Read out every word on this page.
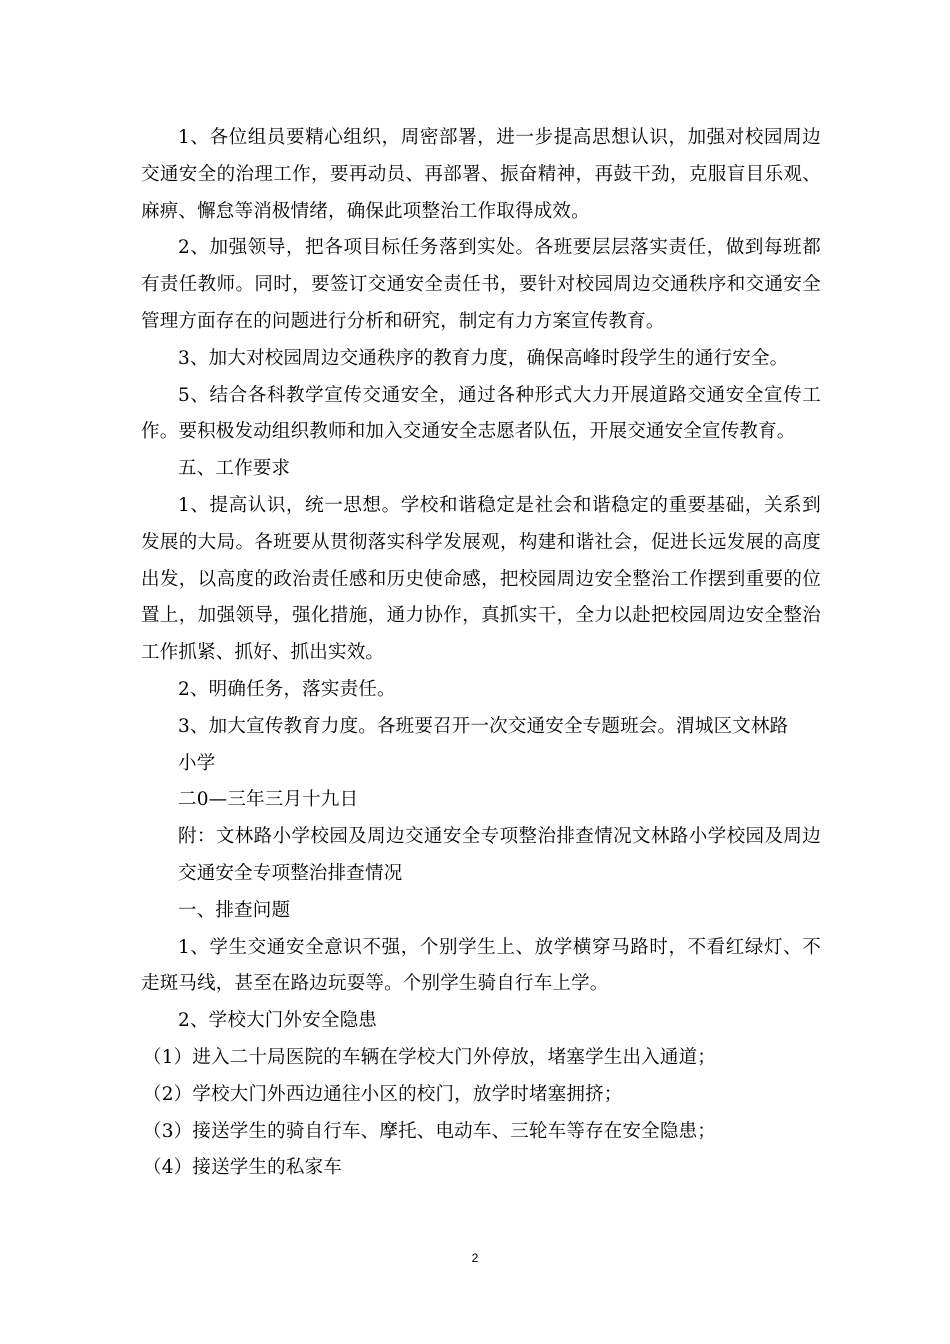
1、各位组员要精心组织，周密部署，进一步提高思想认识，加强对校园周边交通安全的治理工作，要再动员、再部署、振奋精神，再鼓干劲，克服盲目乐观、麻痹、懈怠等消极情绪，确保此项整治工作取得成效。

2、加强领导，把各项目标任务落到实处。各班要层层落实责任，做到每班都有责任教师。同时，要签订交通安全责任书，要针对校园周边交通秩序和交通安全管理方面存在的问题进行分析和研究，制定有力方案宣传教育。

3、加大对校园周边交通秩序的教育力度，确保高峰时段学生的通行安全。

5、结合各科教学宣传交通安全，通过各种形式大力开展道路交通安全宣传工作。要积极发动组织教师和加入交通安全志愿者队伍，开展交通安全宣传教育。

五、工作要求

1、提高认识，统一思想。学校和谐稳定是社会和谐稳定的重要基础，关系到发展的大局。各班要从贯彻落实科学发展观，构建和谐社会，促进长远发展的高度出发，以高度的政治责任感和历史使命感，把校园周边安全整治工作摆到重要的位置上，加强领导，强化措施，通力协作，真抓实干，全力以赴把校园周边安全整治工作抓紧、抓好、抓出实效。

2、明确任务，落实责任。

3、加大宣传教育力度。各班要召开一次交通安全专题班会。渭城区文林路

小学

二0—三年三月十九日

附：文林路小学校园及周边交通安全专项整治排查情况文林路小学校园及周边交通安全专项整治排查情况

一、排查问题

1、学生交通安全意识不强，个别学生上、放学横穿马路时，不看红绿灯、不走斑马线，甚至在路边玩耍等。个别学生骑自行车上学。

2、学校大门外安全隐患

（1）进入二十局医院的车辆在学校大门外停放，堵塞学生出入通道；

（2）学校大门外西边通往小区的校门，放学时堵塞拥挤；

（3）接送学生的骑自行车、摩托、电动车、三轮车等存在安全隐患；

（4）接送学生的私家车

2
